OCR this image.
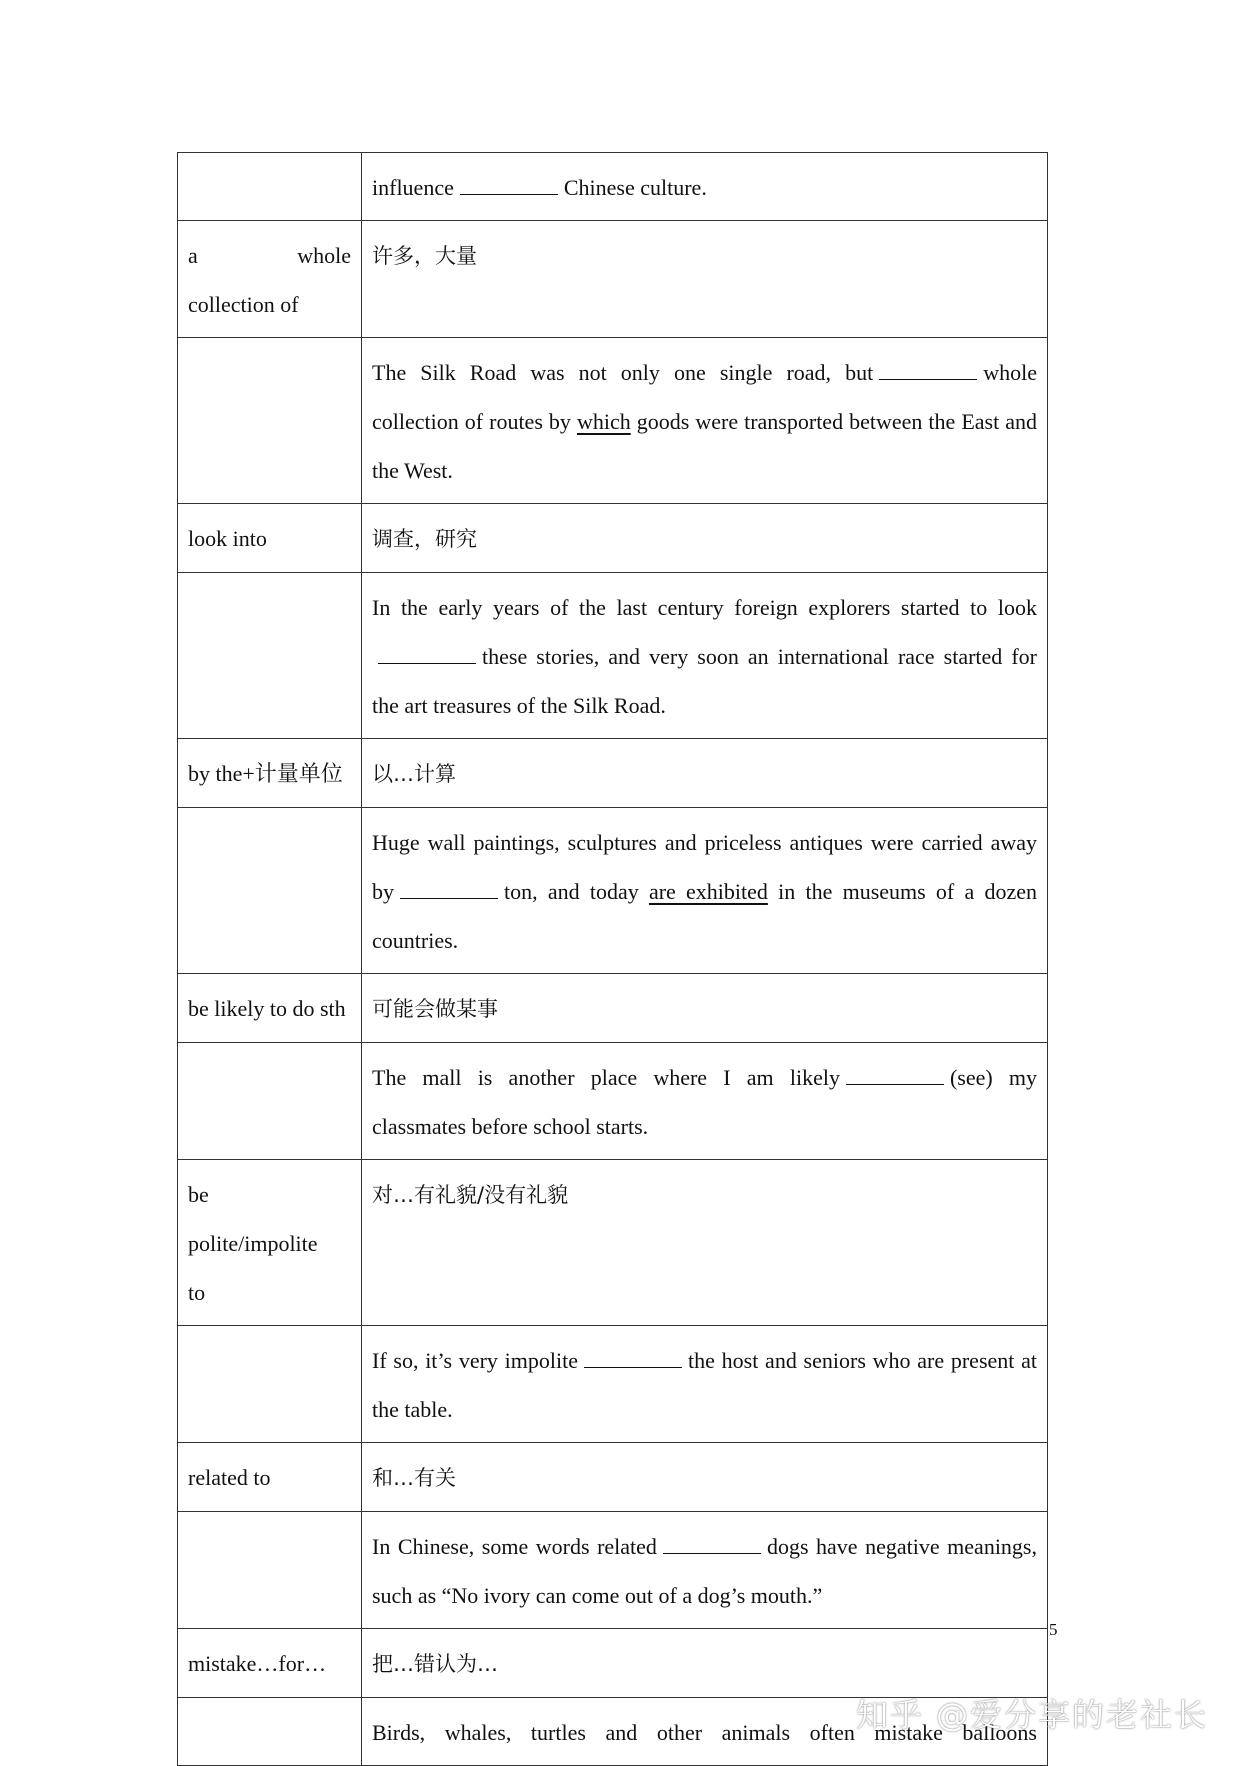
	influence Chinese culture.

a whole
collection of	许多，大量
	The Silk Road was not only one single road, but whole collection of routes by which goods were transported between the East and the West.
look into	调查，研究
	In the early years of the last century foreign explorers started to lookthese stories, and very soon an international race started for the art treasures of the Silk Road.
by the+计量单位	以…计算
	Huge wall paintings, sculptures and priceless antiques were carried away by ton, and today are exhibited in the museums of a dozen countries.
be likely to do sth	可能会做某事
	The mall is another place where I am likely (see) my classmates before school starts.

be
polite/impolite
to	对…有礼貌/没有礼貌
	If so, it’s very impolite the host and seniors who are present at the table.
related to	和…有关
	In Chinese, some words related dogs have negative meanings, such as “No ivory can come out of a dog’s mouth.”
mistake…for…	把…错认为…
	Birds, whales, turtles and other animals often mistake balloons
5
知乎 @爱分享的老社长
